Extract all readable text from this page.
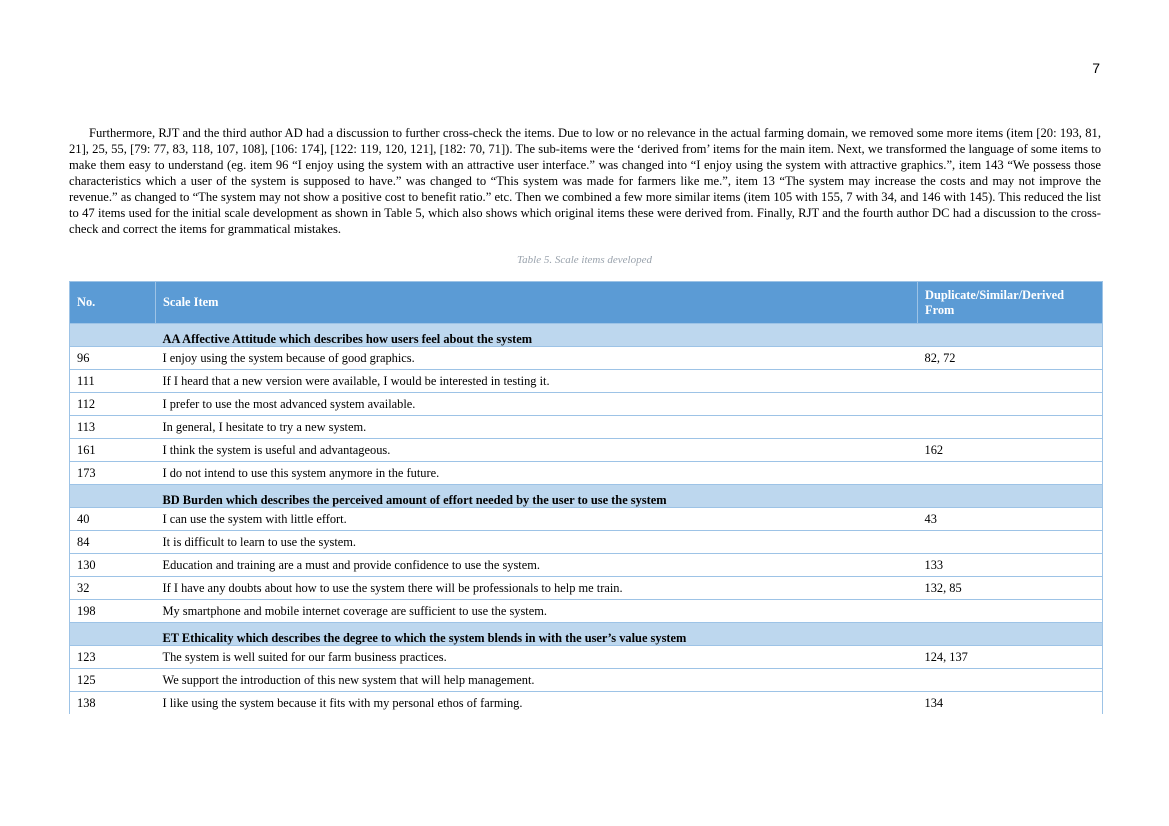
7

Furthermore, RJT and the third author AD had a discussion to further cross-check the items. Due to low or no relevance in the actual farming domain, we removed some more items (item [20: 193, 81, 21], 25, 55, [79: 77, 83, 118, 107, 108], [106: 174], [122: 119, 120, 121], [182: 70, 71]). The sub-items were the ‘derived from’ items for the main item. Next, we transformed the language of some items to make them easy to understand (eg. item 96 “I enjoy using the system with an attractive user interface.” was changed into “I enjoy using the system with attractive graphics.”, item 143 “We possess those characteristics which a user of the system is supposed to have.” was changed to “This system was made for farmers like me.”, item 13 “The system may increase the costs and may not improve the revenue.” as changed to “The system may not show a positive cost to benefit ratio.” etc. Then we combined a few more similar items (item 105 with 155, 7 with 34, and 146 with 145). This reduced the list to 47 items used for the initial scale development as shown in Table 5, which also shows which original items these were derived from. Finally, RJT and the fourth author DC had a discussion to the cross-check and correct the items for grammatical mistakes.

Table 5. Scale items developed
No.	Scale Item	Duplicate/Similar/Derived From
	AA Affective Attitude which describes how users feel about the system	
96	I enjoy using the system because of good graphics.	82, 72
111	If I heard that a new version were available, I would be interested in testing it.	
112	I prefer to use the most advanced system available.	
113	In general, I hesitate to try a new system.	
161	I think the system is useful and advantageous.	162
173	I do not intend to use this system anymore in the future.	
	BD Burden which describes the perceived amount of effort needed by the user to use the system	
40	I can use the system with little effort.	43
84	It is difficult to learn to use the system.	
130	Education and training are a must and provide confidence to use the system.	133
32	If I have any doubts about how to use the system there will be professionals to help me train.	132, 85
198	My smartphone and mobile internet coverage are sufficient to use the system.	
	ET Ethicality which describes the degree to which the system blends in with the user’s value system	
123	The system is well suited for our farm business practices.	124, 137
125	We support the introduction of this new system that will help management.	
138	I like using the system because it fits with my personal ethos of farming.	134
